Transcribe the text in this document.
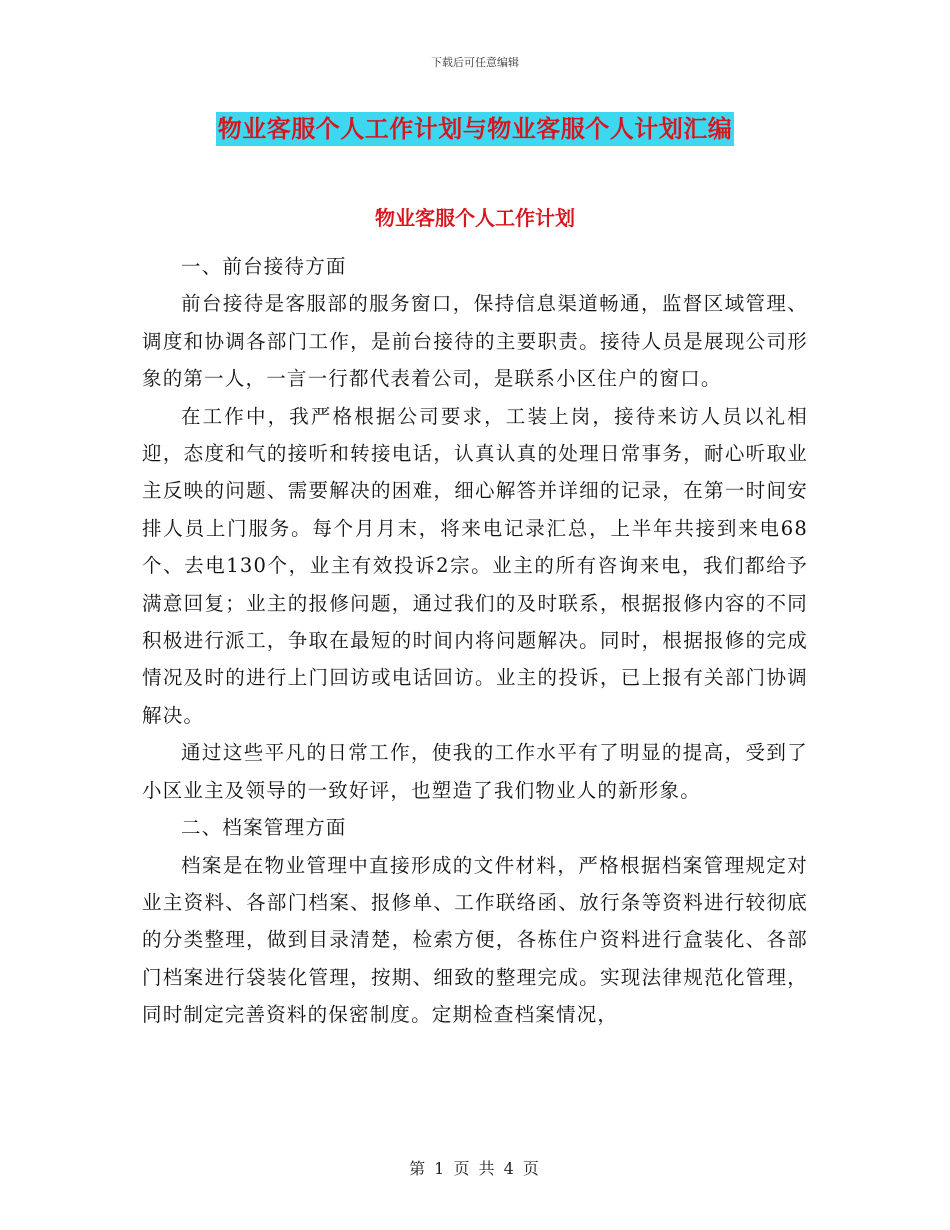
下载后可任意编辑
物业客服个人工作计划与物业客服个人计划汇编
物业客服个人工作计划

一、前台接待方面

前台接待是客服部的服务窗口，保持信息渠道畅通，监督区域管理、调度和协调各部门工作，是前台接待的主要职责。接待人员是展现公司形象的第一人，一言一行都代表着公司，是联系小区住户的窗口。

在工作中，我严格根据公司要求，工装上岗，接待来访人员以礼相迎，态度和气的接听和转接电话，认真认真的处理日常事务，耐心听取业主反映的问题、需要解决的困难，细心解答并详细的记录，在第一时间安排人员上门服务。每个月月末，将来电记录汇总，上半年共接到来电68个、去电130个，业主有效投诉2宗。业主的所有咨询来电，我们都给予满意回复；业主的报修问题，通过我们的及时联系，根据报修内容的不同积极进行派工，争取在最短的时间内将问题解决。同时，根据报修的完成情况及时的进行上门回访或电话回访。业主的投诉，已上报有关部门协调解决。

通过这些平凡的日常工作，使我的工作水平有了明显的提高，受到了小区业主及领导的一致好评，也塑造了我们物业人的新形象。

二、档案管理方面

档案是在物业管理中直接形成的文件材料，严格根据档案管理规定对业主资料、各部门档案、报修单、工作联络函、放行条等资料进行较彻底的分类整理，做到目录清楚，检索方便，各栋住户资料进行盒装化、各部门档案进行袋装化管理，按期、细致的整理完成。实现法律规范化管理，同时制定完善资料的保密制度。定期检查档案情况，

第 1 页 共 4 页
